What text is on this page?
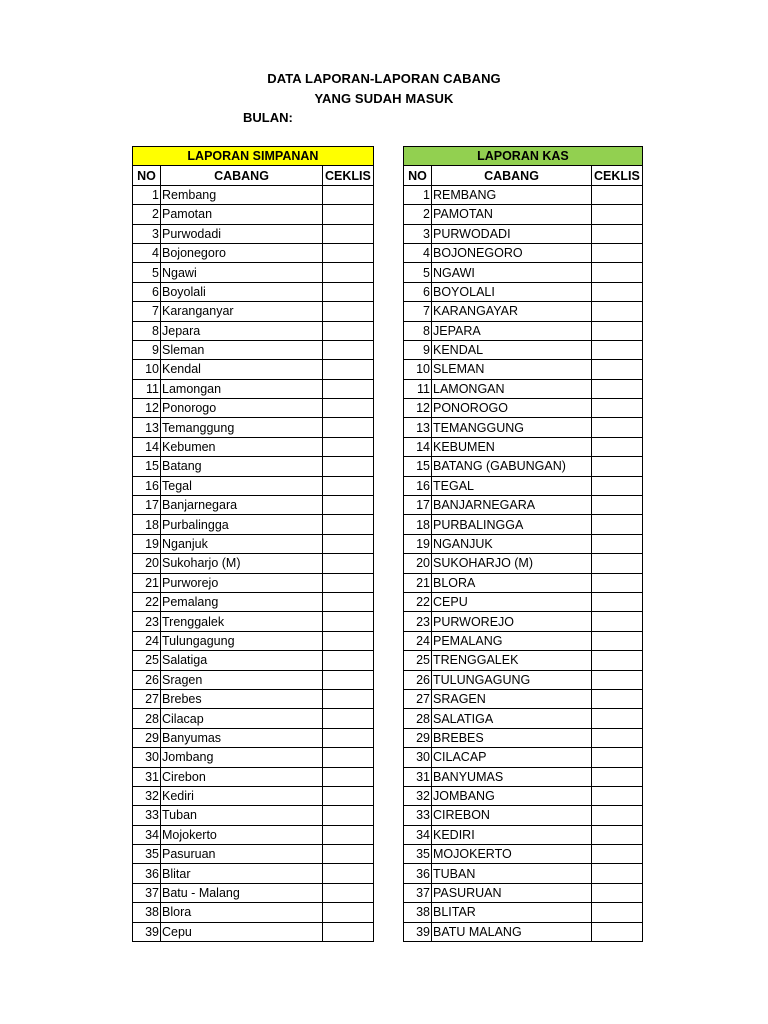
DATA LAPORAN-LAPORAN CABANG
YANG SUDAH MASUK
BULAN:
LAPORAN SIMPANAN		
NO	CABANG	CEKLIS
1	Rembang	
2	Pamotan	
3	Purwodadi	
4	Bojonegoro	
5	Ngawi	
6	Boyolali	
7	Karanganyar	
8	Jepara	
9	Sleman	
10	Kendal	
11	Lamongan	
12	Ponorogo	
13	Temanggung	
14	Kebumen	
15	Batang	
16	Tegal	
17	Banjarnegara	
18	Purbalingga	
19	Nganjuk	
20	Sukoharjo (M)	
21	Purworejo	
22	Pemalang	
23	Trenggalek	
24	Tulungagung	
25	Salatiga	
26	Sragen	
27	Brebes	
28	Cilacap	
29	Banyumas	
30	Jombang	
31	Cirebon	
32	Kediri	
33	Tuban	
34	Mojokerto	
35	Pasuruan	
36	Blitar	
37	Batu - Malang	
38	Blora	
39	Cepu	
LAPORAN KAS		
NO	CABANG	CEKLIS
1	REMBANG	
2	PAMOTAN	
3	PURWODADI	
4	BOJONEGORO	
5	NGAWI	
6	BOYOLALI	
7	KARANGAYAR	
8	JEPARA	
9	KENDAL	
10	SLEMAN	
11	LAMONGAN	
12	PONOROGO	
13	TEMANGGUNG	
14	KEBUMEN	
15	BATANG (GABUNGAN)	
16	TEGAL	
17	BANJARNEGARA	
18	PURBALINGGA	
19	NGANJUK	
20	SUKOHARJO (M)	
21	BLORA	
22	CEPU	
23	PURWOREJO	
24	PEMALANG	
25	TRENGGALEK	
26	TULUNGAGUNG	
27	SRAGEN	
28	SALATIGA	
29	BREBES	
30	CILACAP	
31	BANYUMAS	
32	JOMBANG	
33	CIREBON	
34	KEDIRI	
35	MOJOKERTO	
36	TUBAN	
37	PASURUAN	
38	BLITAR	
39	BATU MALANG	
